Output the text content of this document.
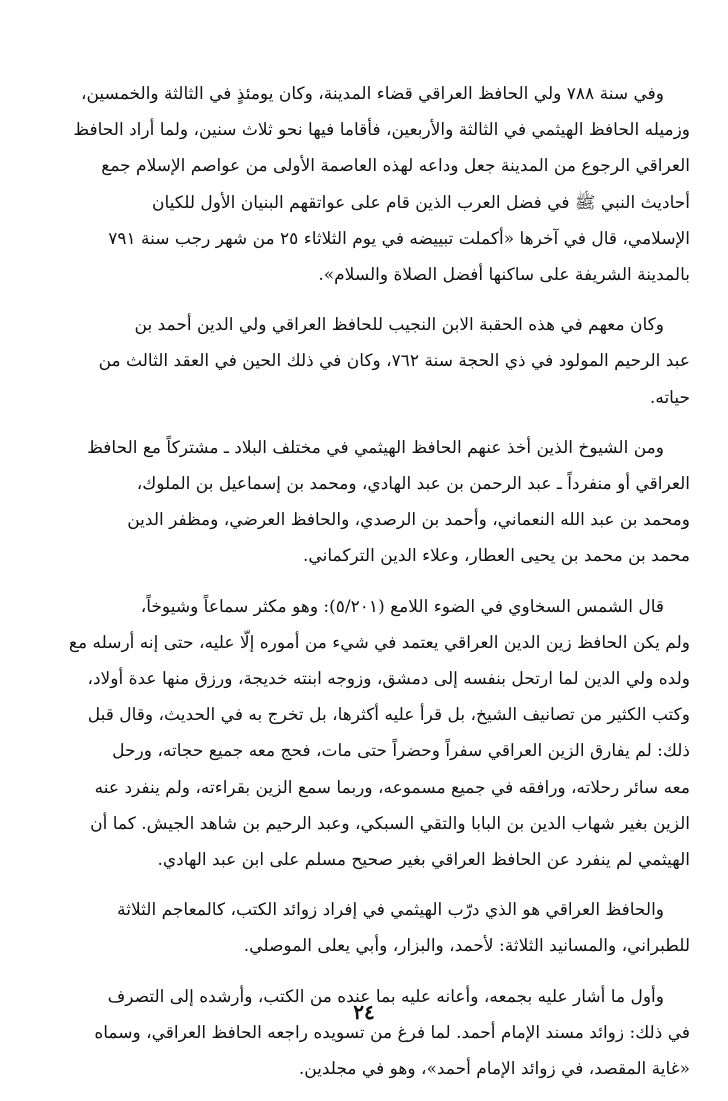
وفي سنة ٧٨٨ ولي الحافظ العراقي قضاء المدينة، وكان يومئذٍ في الثالثة والخمسين،
وزميله الحافظ الهيثمي في الثالثة والأربعين، فأقاما فيها نحو ثلاث سنين، ولما أراد الحافظ
العراقي الرجوع من المدينة جعل وداعه لهذه العاصمة الأولى من عواصم الإسلام جمع
أحاديث النبي ﷺ في فضل العرب الذين قام على عواتقهم البنيان الأول للكيان
الإسلامي، قال في آخرها «أكملت تبييضه في يوم الثلاثاء ٢٥ من شهر رجب سنة ٧٩١
بالمدينة الشريفة على ساكنها أفضل الصلاة والسلام».
وكان معهم في هذه الحقبة الابن النجيب للحافظ العراقي ولي الدين أحمد بن
عبد الرحيم المولود في ذي الحجة سنة ٧٦٢، وكان في ذلك الحين في العقد الثالث من
حياته.
ومن الشيوخ الذين أخذ عنهم الحافظ الهيثمي في مختلف البلاد ـ مشتركاً مع الحافظ
العراقي أو منفرداً ـ عبد الرحمن بن عبد الهادي، ومحمد بن إسماعيل بن الملوك،
ومحمد بن عبد الله النعماني، وأحمد بن الرصدي، والحافظ العرضي، ومظفر الدين
محمد بن محمد بن يحيى العطار، وعلاء الدين التركماني.
قال الشمس السخاوي في الضوء اللامع (٥/٢٠١): وهو مكثر سماعاً وشيوخاً،
ولم يكن الحافظ زين الدين العراقي يعتمد في شيء من أموره إلّا عليه، حتى إنه أرسله مع
ولده ولي الدين لما ارتحل بنفسه إلى دمشق، وزوجه ابنته خديجة، ورزق منها عدة أولاد،
وكتب الكثير من تصانيف الشيخ، بل قرأ عليه أكثرها، بل تخرج به في الحديث، وقال قبل
ذلك: لم يفارق الزين العراقي سفراً وحضراً حتى مات، فحج معه جميع حجاته، ورحل
معه سائر رحلاته، ورافقه في جميع مسموعه، وربما سمع الزين بقراءته، ولم ينفرد عنه
الزين بغير شهاب الدين بن البابا والتقي السبكي، وعبد الرحيم بن شاهد الجيش. كما أن
الهيثمي لم ينفرد عن الحافظ العراقي بغير صحيح مسلم على ابن عبد الهادي.
والحافظ العراقي هو الذي درّب الهيثمي في إفراد زوائد الكتب، كالمعاجم الثلاثة
للطبراني، والمسانيد الثلاثة: لأحمد، والبزار، وأبي يعلى الموصلي.
وأول ما أشار عليه بجمعه، وأعانه عليه بما عنده من الكتب، وأرشده إلى التصرف
في ذلك: زوائد مسند الإمام أحمد. لما فرغ من تسويده راجعه الحافظ العراقي، وسماه
«غاية المقصد، في زوائد الإمام أحمد»، وهو في مجلدين.
٢٤
